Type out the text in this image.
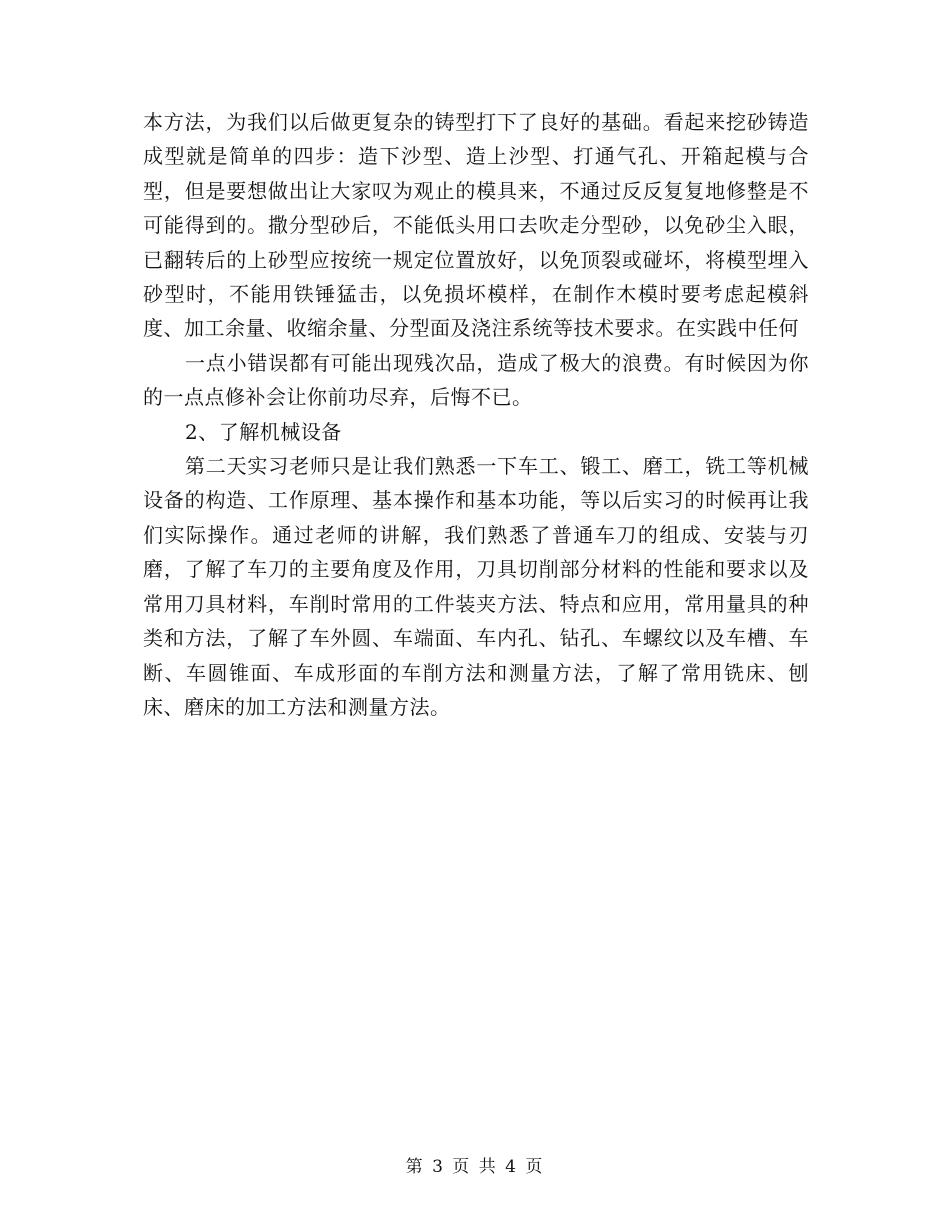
本方法，为我们以后做更复杂的铸型打下了良好的基础。看起来挖砂铸造成型就是简单的四步：造下沙型、造上沙型、打通气孔、开箱起模与合型，但是要想做出让大家叹为观止的模具来，不通过反反复复地修整是不可能得到的。撒分型砂后，不能低头用口去吹走分型砂，以免砂尘入眼，已翻转后的上砂型应按统一规定位置放好，以免顶裂或碰坏，将模型埋入砂型时，不能用铁锤猛击，以免损坏模样，在制作木模时要考虑起模斜度、加工余量、收缩余量、分型面及浇注系统等技术要求。在实践中任何

一点小错误都有可能出现残次品，造成了极大的浪费。有时候因为你的一点点修补会让你前功尽弃，后悔不已。

2、了解机械设备

第二天实习老师只是让我们熟悉一下车工、锻工、磨工，铣工等机械设备的构造、工作原理、基本操作和基本功能，等以后实习的时候再让我们实际操作。通过老师的讲解，我们熟悉了普通车刀的组成、安装与刃磨，了解了车刀的主要角度及作用，刀具切削部分材料的性能和要求以及常用刀具材料，车削时常用的工件装夹方法、特点和应用，常用量具的种类和方法，了解了车外圆、车端面、车内孔、钻孔、车螺纹以及车槽、车断、车圆锥面、车成形面的车削方法和测量方法，了解了常用铣床、刨床、磨床的加工方法和测量方法。

第 3 页 共 4 页
